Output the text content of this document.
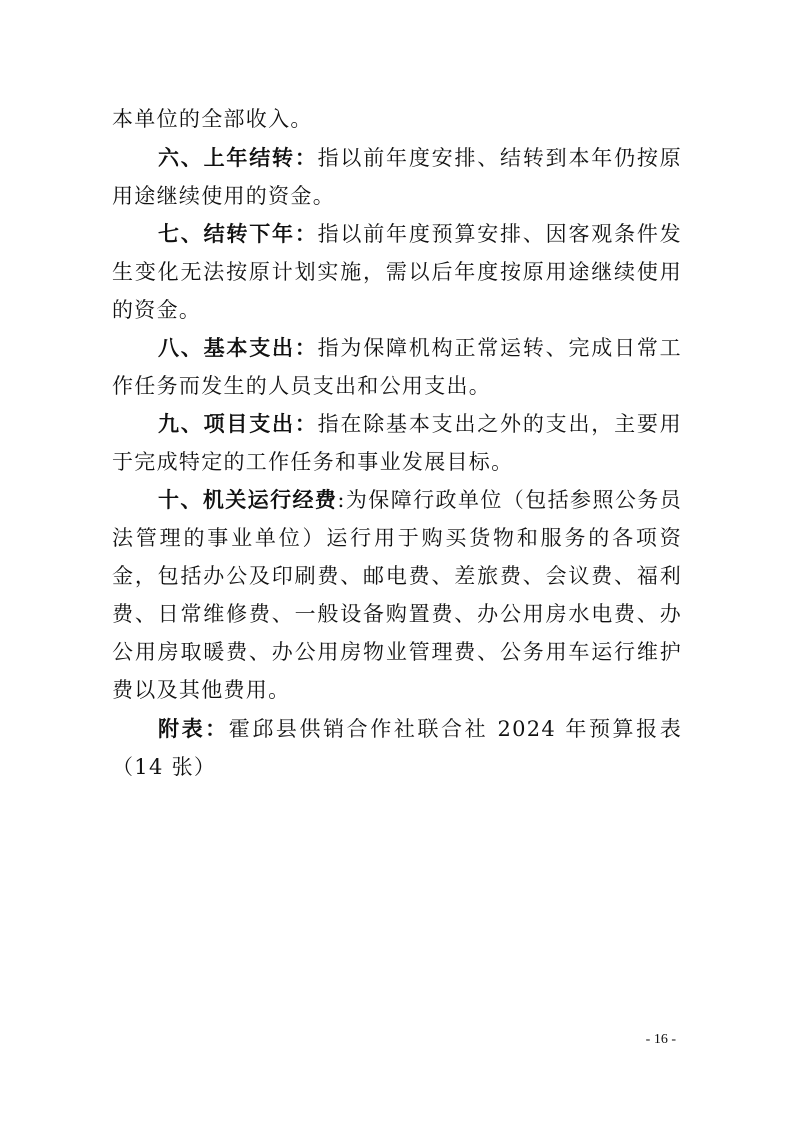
本单位的全部收入。

六、上年结转：指以前年度安排、结转到本年仍按原用途继续使用的资金。

七、结转下年：指以前年度预算安排、因客观条件发生变化无法按原计划实施，需以后年度按原用途继续使用的资金。

八、基本支出：指为保障机构正常运转、完成日常工作任务而发生的人员支出和公用支出。

九、项目支出：指在除基本支出之外的支出，主要用于完成特定的工作任务和事业发展目标。

十、机关运行经费:为保障行政单位（包括参照公务员法管理的事业单位）运行用于购买货物和服务的各项资金，包括办公及印刷费、邮电费、差旅费、会议费、福利费、日常维修费、一般设备购置费、办公用房水电费、办公用房取暖费、办公用房物业管理费、公务用车运行维护费以及其他费用。

附表：霍邱县供销合作社联合社 2024 年预算报表（14 张）

- 16 -
